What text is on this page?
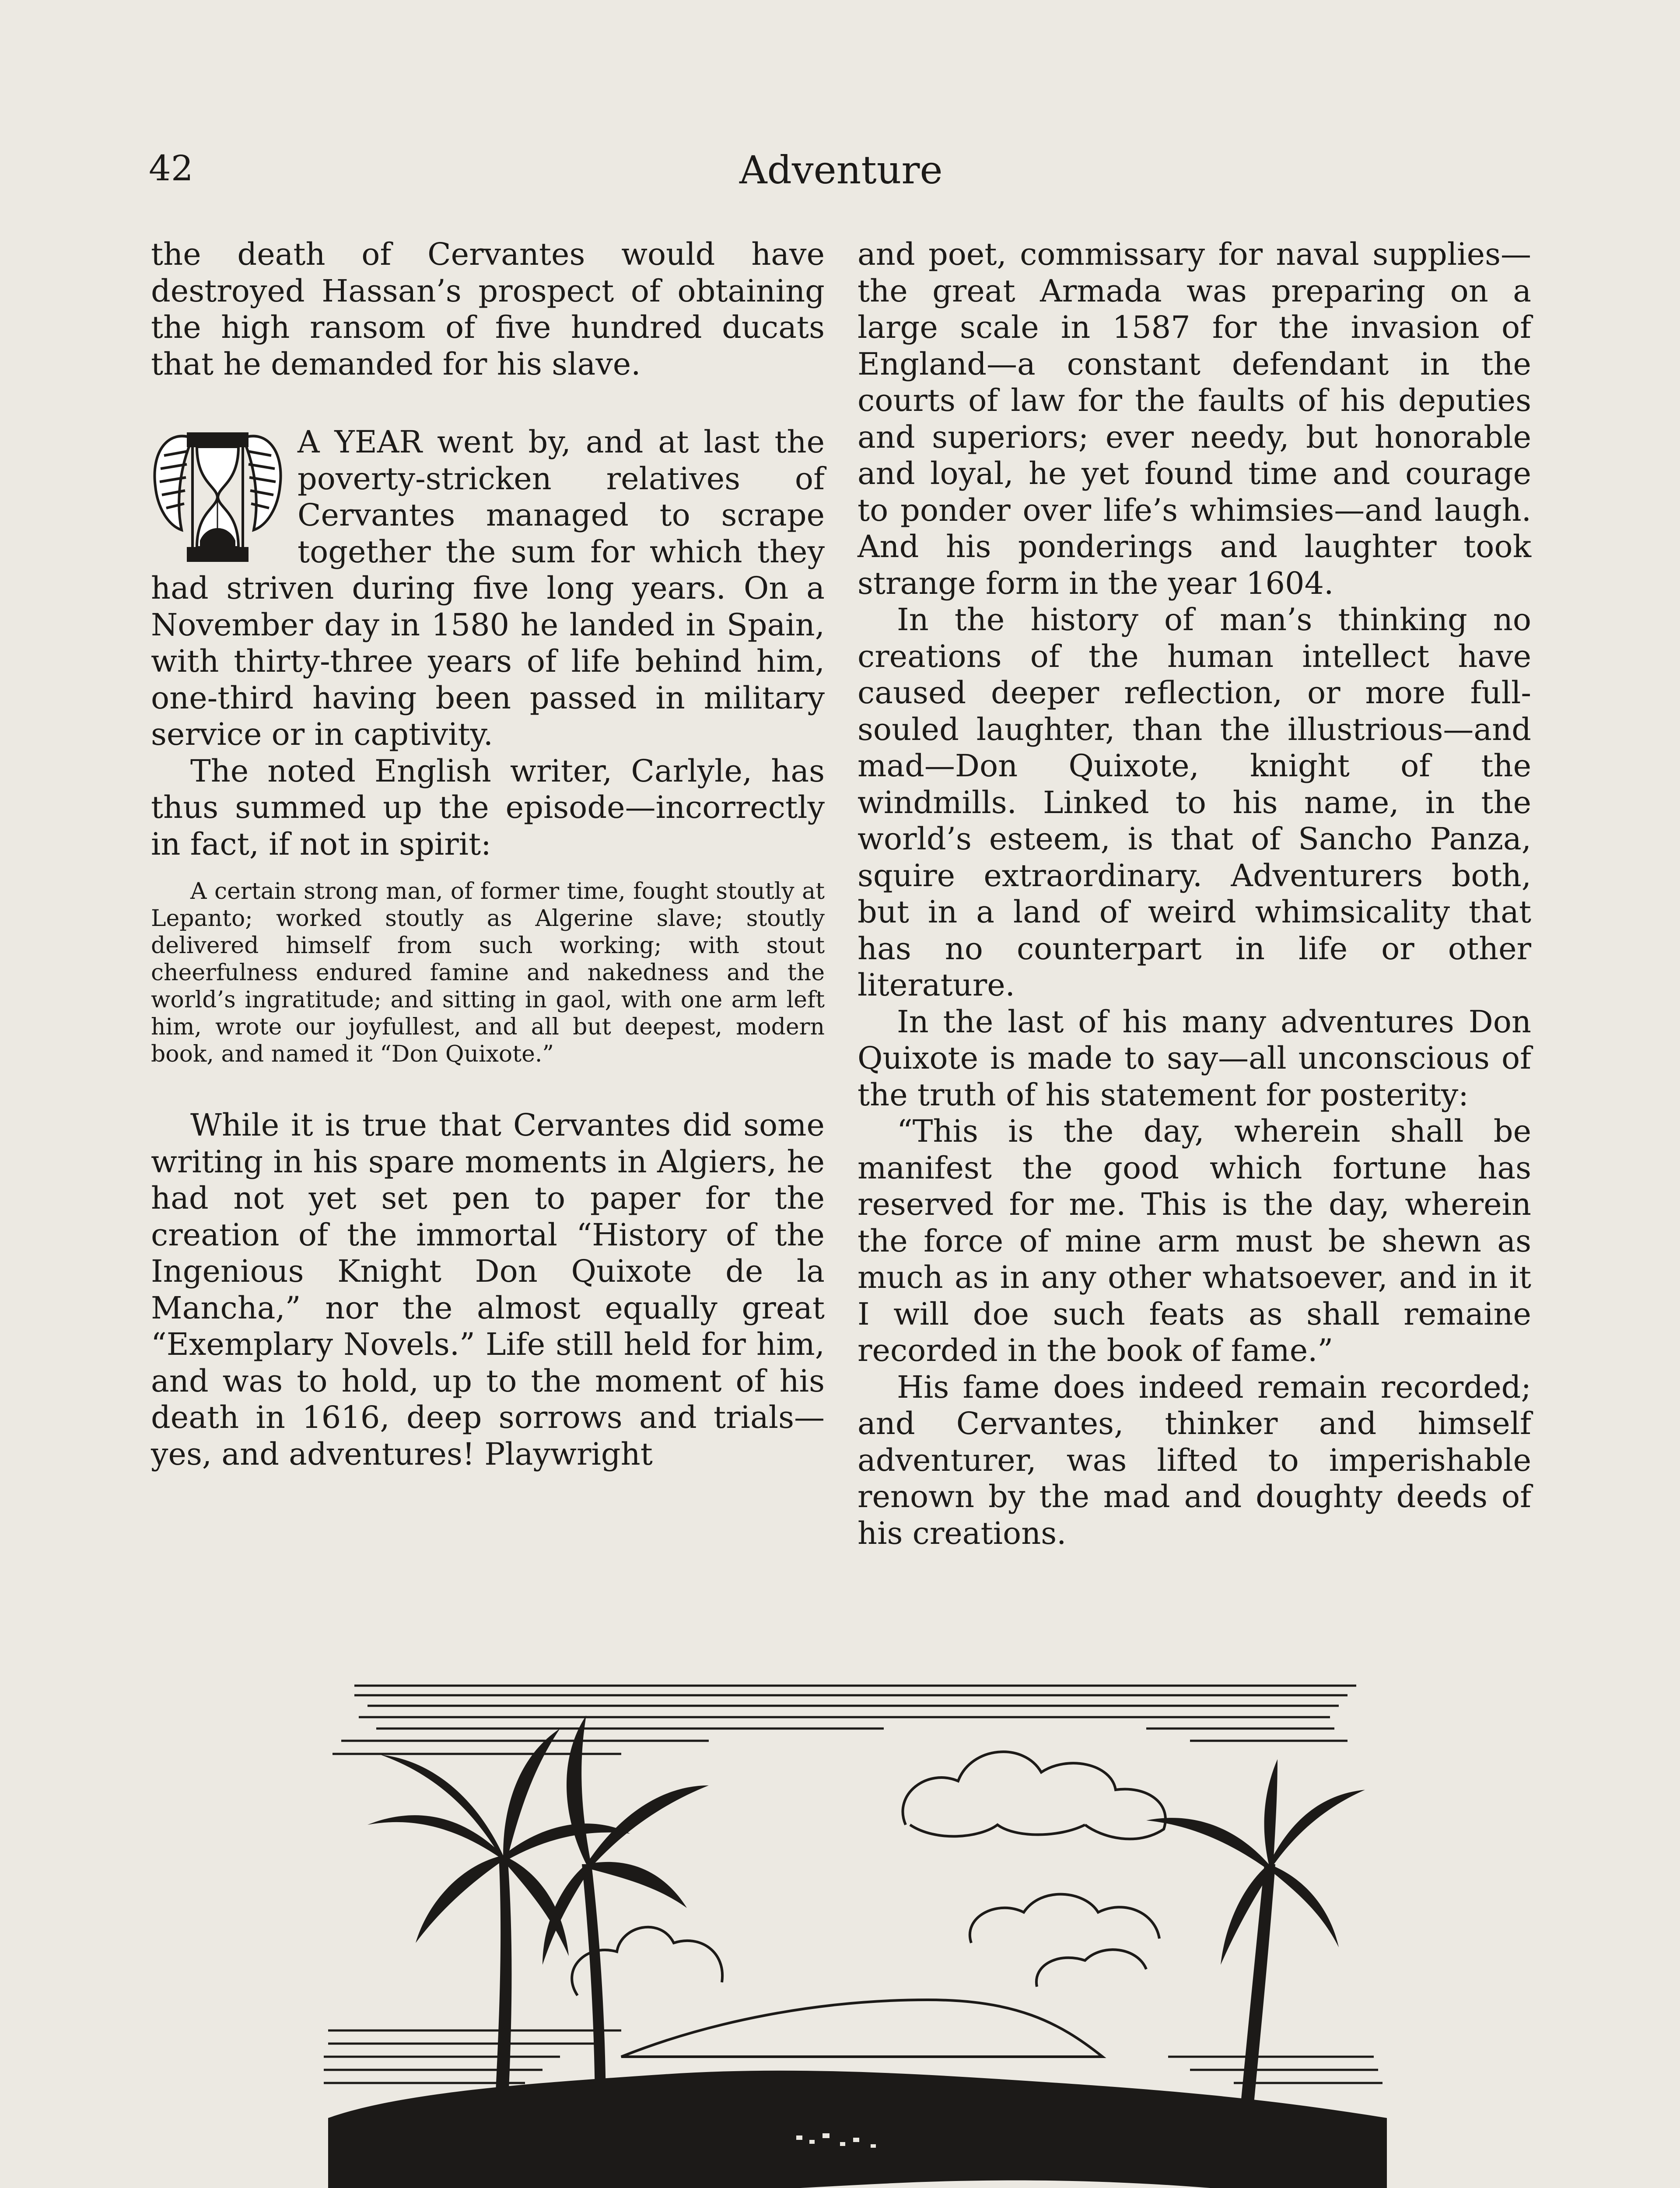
42	Adventure

the death of Cervantes would have destroyed Hassan’s prospect of obtaining the high ransom of five hundred ducats that he demanded for his slave.

A YEAR went by, and at last the poverty-stricken relatives of Cervantes managed to scrape together the sum for which they had striven during five long years. On a November day in 1580 he landed in Spain, with thirty-three years of life behind him, one-third having been passed in military service or in captivity.

The noted English writer, Carlyle, has thus summed up the episode—incorrectly in fact, if not in spirit:

A certain strong man, of former time, fought stoutly at Lepanto; worked stoutly as Algerine slave; stoutly delivered himself from such working; with stout cheerfulness endured famine and nakedness and the world’s ingratitude; and sitting in gaol, with one arm left him, wrote our joyfullest, and all but deepest, modern book, and named it “Don Quixote.”

While it is true that Cervantes did some writing in his spare moments in Algiers, he had not yet set pen to paper for the creation of the immortal “History of the Ingenious Knight Don Quixote de la Mancha,” nor the almost equally great “Exemplary Novels.” Life still held for him, and was to hold, up to the moment of his death in 1616, deep sorrows and trials—yes, and adventures! Playwright

and poet, commissary for naval supplies—the great Armada was preparing on a large scale in 1587 for the invasion of England—a constant defendant in the courts of law for the faults of his deputies and superiors; ever needy, but honorable and loyal, he yet found time and courage to ponder over life’s whimsies—and laugh. And his ponderings and laughter took strange form in the year 1604.

In the history of man’s thinking no creations of the human intellect have caused deeper reflection, or more full-souled laughter, than the illustrious—and mad—Don Quixote, knight of the windmills. Linked to his name, in the world’s esteem, is that of Sancho Panza, squire extraordinary. Adventurers both, but in a land of weird whimsicality that has no counterpart in life or other literature.

In the last of his many adventures Don Quixote is made to say—all unconscious of the truth of his statement for posterity:

“This is the day, wherein shall be manifest the good which fortune has reserved for me. This is the day, wherein the force of mine arm must be shewn as much as in any other whatsoever, and in it I will doe such feats as shall remaine recorded in the book of fame.”

His fame does indeed remain recorded; and Cervantes, thinker and himself adventurer, was lifted to imperishable renown by the mad and doughty deeds of his creations.
